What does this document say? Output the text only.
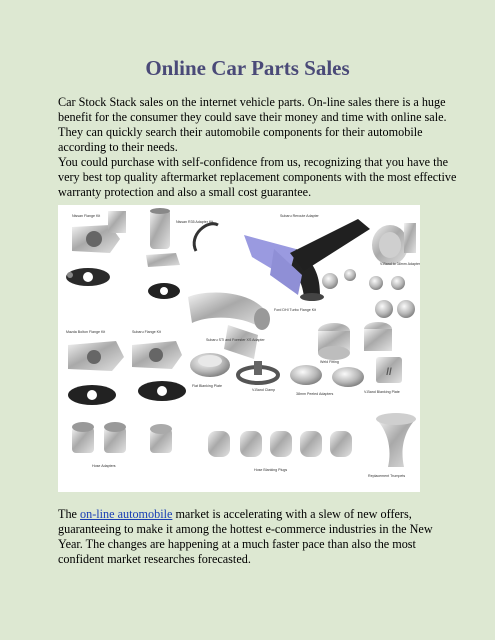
Online Car Parts Sales

Car Stock Stack sales on the internet vehicle parts. On-line sales there is a huge benefit for the consumer they could save their money and time with online sale. They can quickly search their automobile components for their automobile according to their needs.

You could purchase with self-confidence from us, recognizing that you have the very best top quality aftermarket replacement components with the most effective warranty protection and also a small cost guarantee.

//
Nissan Flange Kit
Nissan R35 Adapter Kit
Subaru Reroute Adapter
Mazda Bolton Flange Kit	Subaru Flange Kit
Ford DHI Turbo Flange Kit
Subaru STI and Forester XS Adapter
V-Band to 38mm Adapter
Weld Fitting
V-Band Clamp
38mm Peeled Adapters	V-Band Blanking Plate
Flat Blanking Plate
Hose Adapters
Hose Blanking Plugs
Replacement Trumpets

The on-line automobile market is accelerating with a slew of new offers, guaranteeing to make it among the hottest e-commerce industries in the New Year. The changes are happening at a much faster pace than also the most confident market researches forecasted.
